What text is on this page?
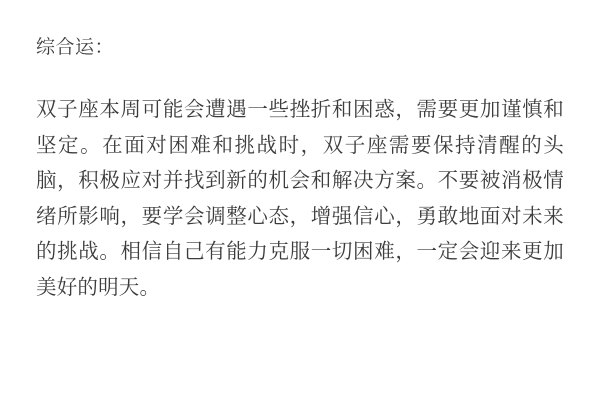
综合运：

双子座本周可能会遭遇一些挫折和困惑，需要更加谨慎和坚定。在面对困难和挑战时，双子座需要保持清醒的头脑，积极应对并找到新的机会和解决方案。不要被消极情绪所影响，要学会调整心态，增强信心，勇敢地面对未来的挑战。相信自己有能力克服一切困难，一定会迎来更加美好的明天。
